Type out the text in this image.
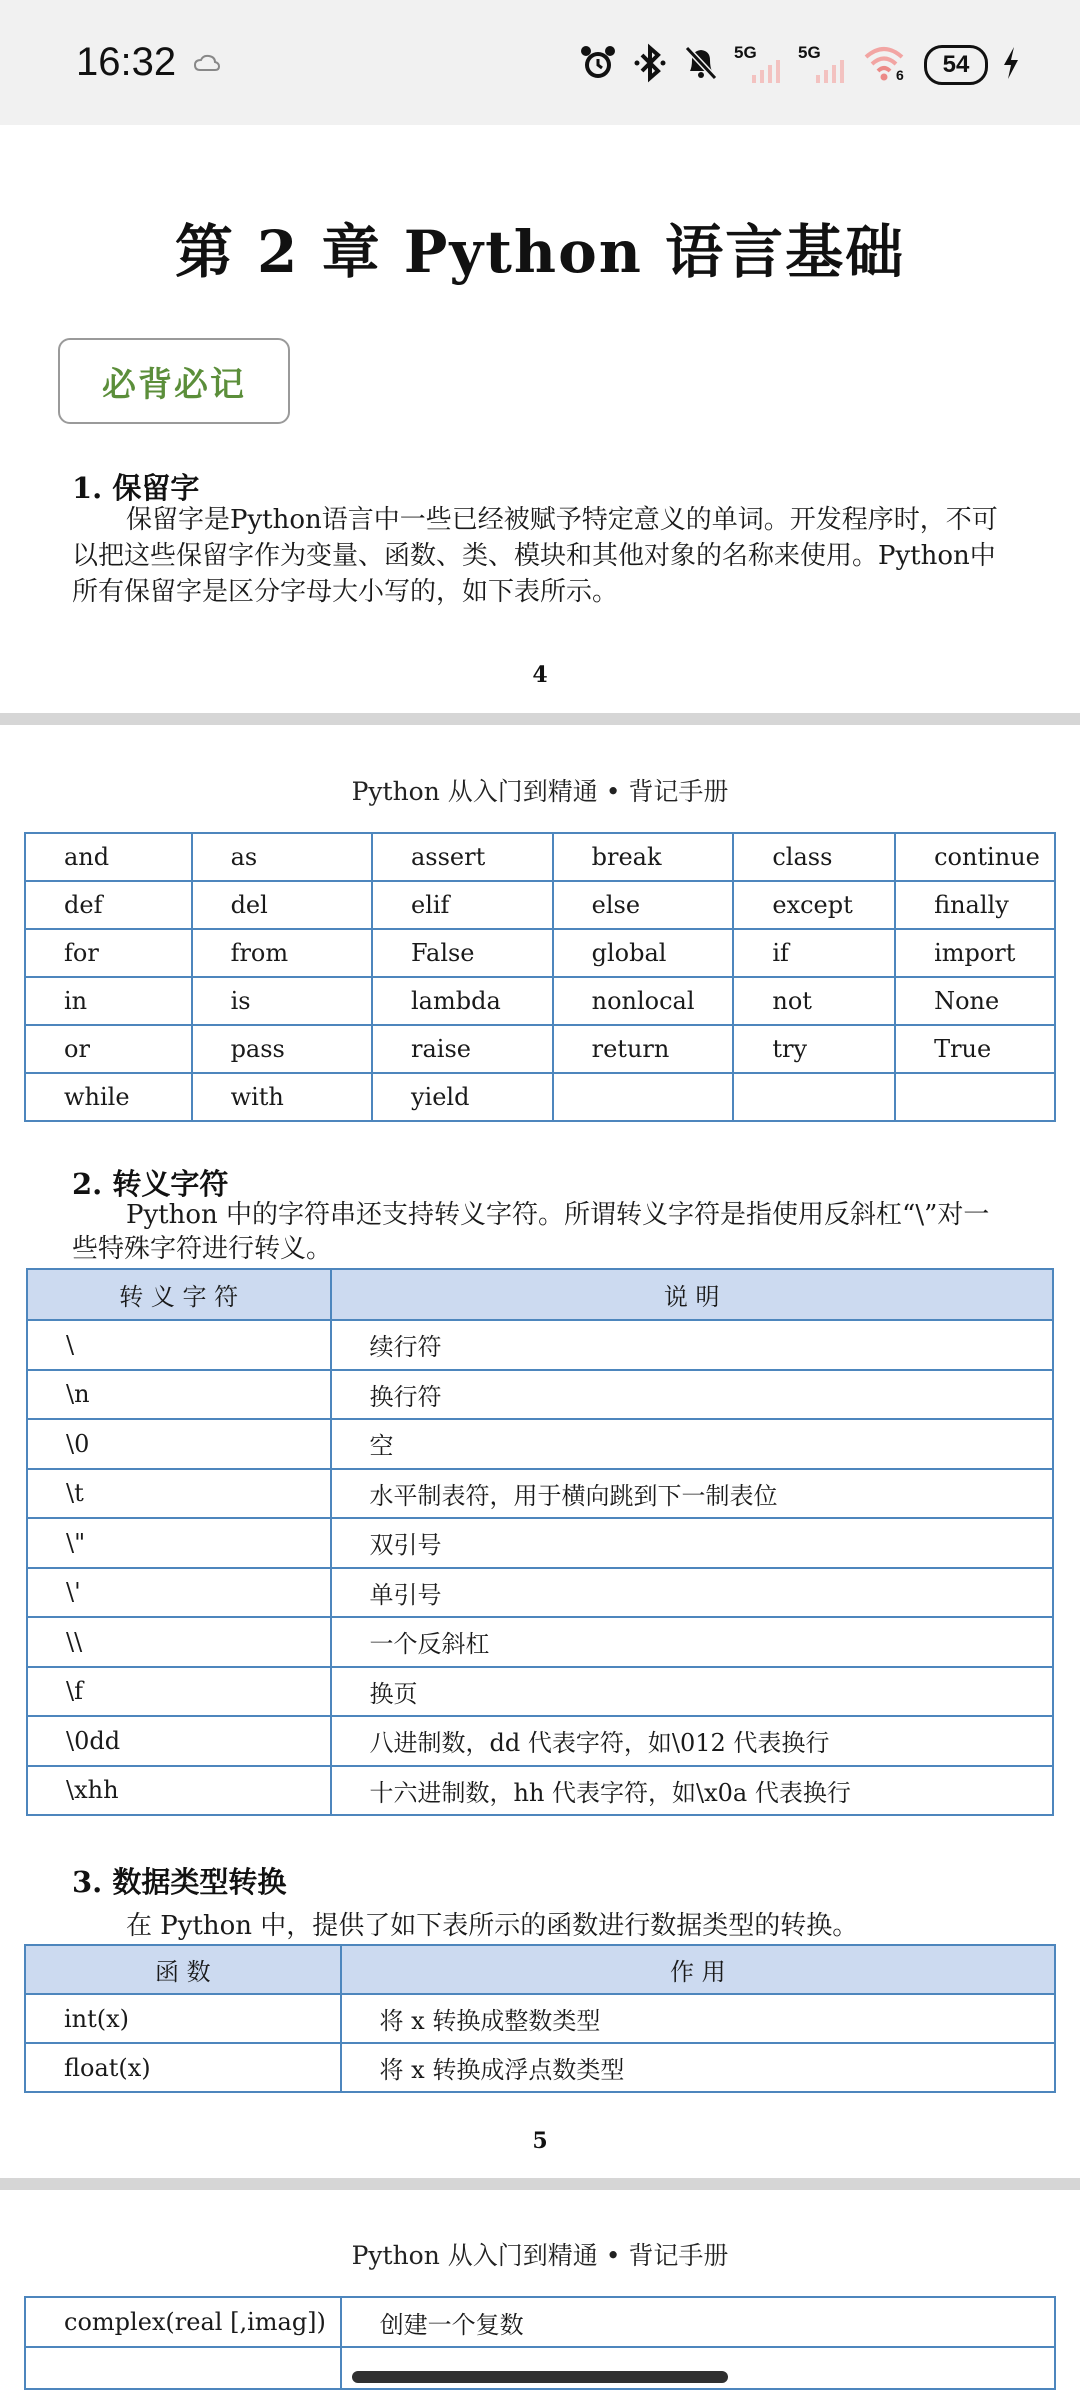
16:32	5G 5G
6	54
第 2 章 Python 语言基础
必背必记
1. 保留字
保留字是Python语言中一些已经被赋予特定意义的单词。开发程序时，不可
以把这些保留字作为变量、函数、类、模块和其他对象的名称来使用。Python中
所有保留字是区分字母大小写的，如下表所示。
4
Python 从入门到精通 • 背记手册
and	as	assert	break	class	continue
def	del	elif	else	except	finally
for	from	False	global	if	import
in	is	lambda	nonlocal	not	None
or	pass	raise	return	try	True
while	with	yield			
2. 转义字符
Python 中的字符串还支持转义字符。所谓转义字符是指使用反斜杠“\”对一
些特殊字符进行转义。
转 义 字 符	说 明
\	续行符
\n	换行符
\0	空
\t	水平制表符，用于横向跳到下一制表位
\"	双引号
\'	单引号
\\	一个反斜杠
\f	换页
\0dd	八进制数，dd 代表字符，如\012 代表换行
\xhh	十六进制数，hh 代表字符，如\x0a 代表换行
3. 数据类型转换
在 Python 中，提供了如下表所示的函数进行数据类型的转换。
函 数	作 用
int(x)	将 x 转换成整数类型
float(x)	将 x 转换成浮点数类型
5
Python 从入门到精通 • 背记手册
complex(real [,imag])	创建一个复数
